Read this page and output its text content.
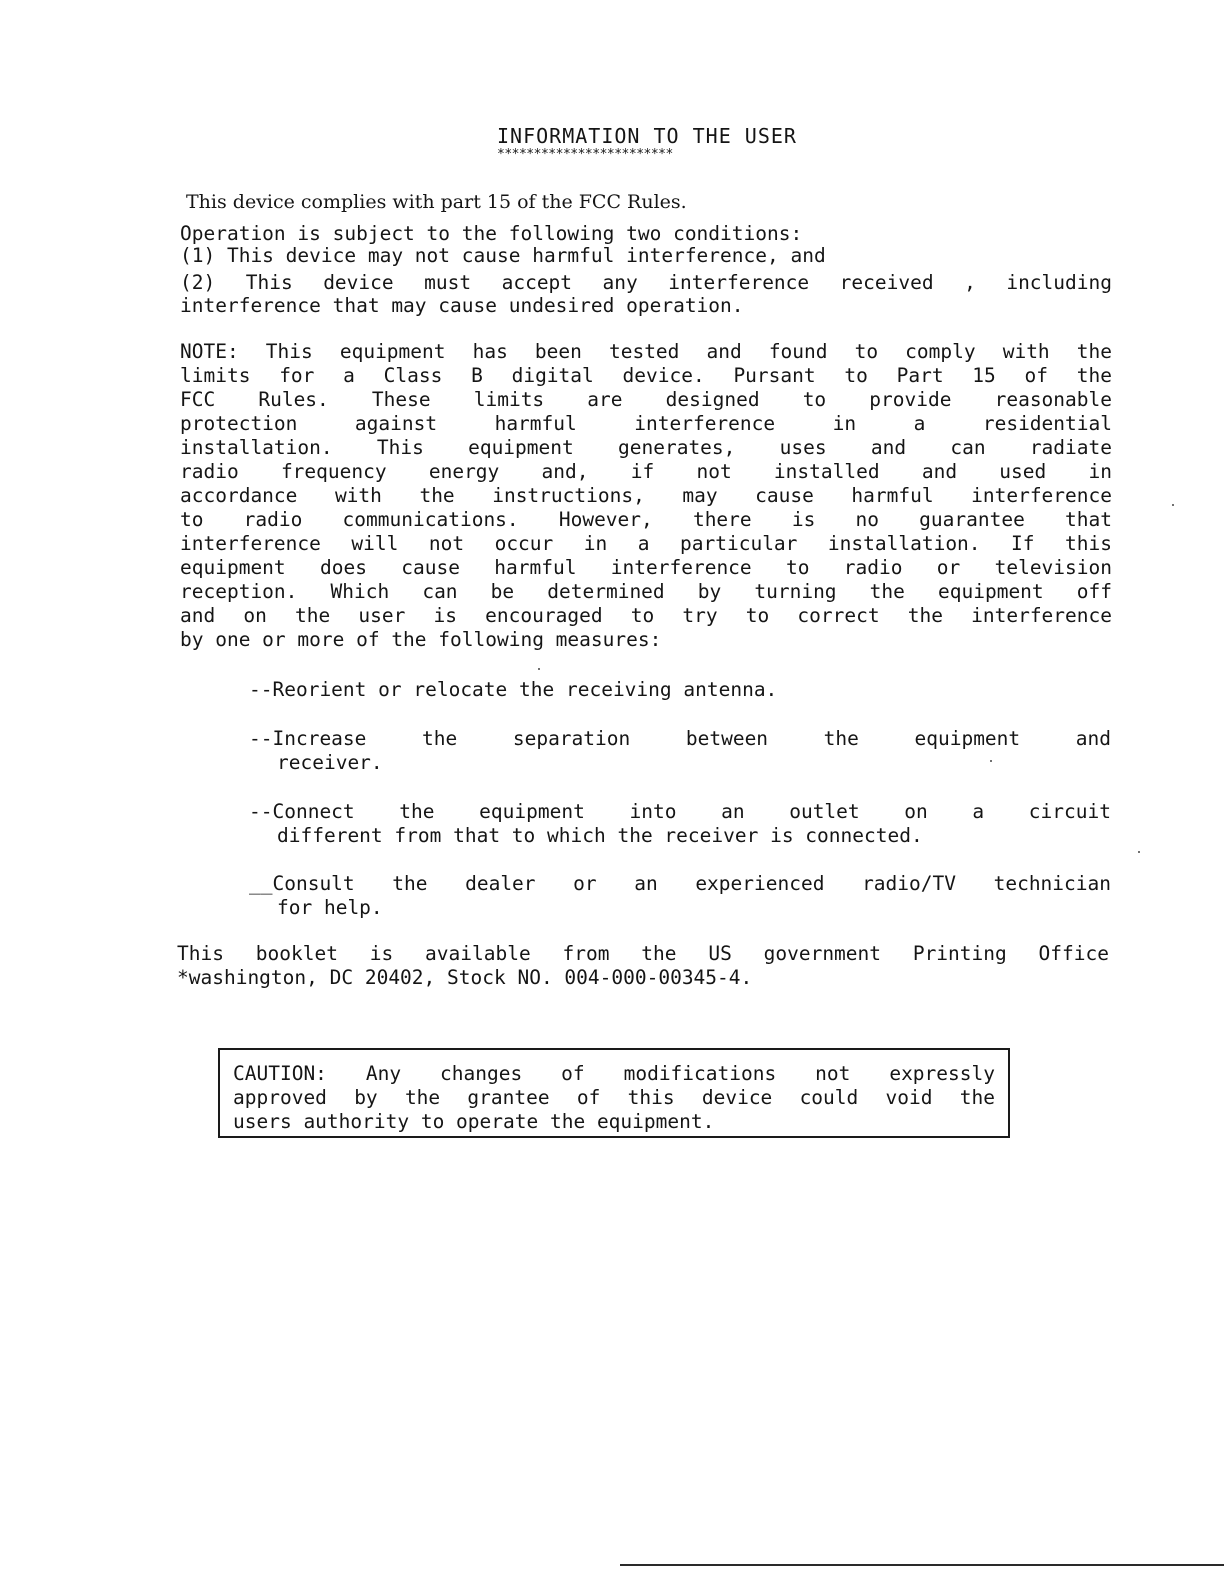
INFORMATION TO THE USER
************************
This device complies with part 15 of the FCC Rules.
Operation is subject to the following two conditions:
(1) This device may not cause harmful interference, and
(2) This device must accept any interference received , including
interference that may cause undesired operation.
NOTE: This equipment has been tested and found to comply with the
limits for a Class B digital device. Pursant to Part 15 of the
FCC Rules. These limits are designed to provide reasonable
protection against harmful interference in a residential
installation. This equipment generates, uses and can radiate
radio frequency energy and, if not installed and used in
accordance with the instructions, may cause harmful interference
to radio communications. However, there is no guarantee that
interference will not occur in a particular installation. If this
equipment does cause harmful interference to radio or television
reception. Which can be determined by turning the equipment off
and on the user is encouraged to try to correct the interference
by one or more of the following measures:
--Reorient or relocate the receiving antenna.
--Increase the separation between the equipment and
receiver.
--Connect the equipment into an outlet on a circuit
different from that to which the receiver is connected.
__Consult the dealer or an experienced radio/TV technician
for help.
This booklet is available from the US government Printing Office
*washington, DC 20402, Stock NO. 004-000-00345-4.
CAUTION: Any changes of modifications not expressly
approved by the grantee of this device could void the
users authority to operate the equipment.
